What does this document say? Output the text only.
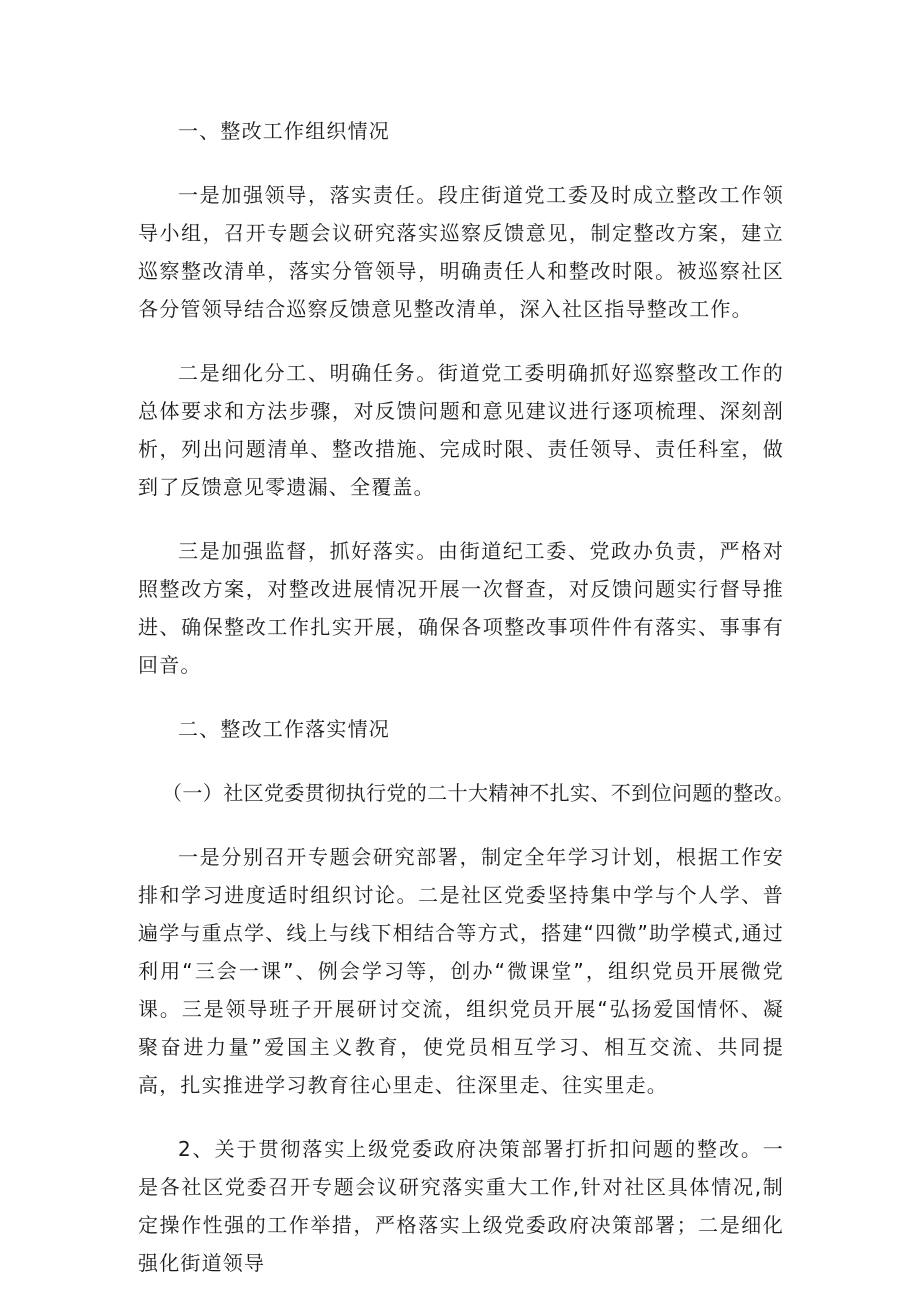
一、整改工作组织情况

一是加强领导，落实责任。段庄街道党工委及时成立整改工作领导小组，召开专题会议研究落实巡察反馈意见，制定整改方案，建立巡察整改清单，落实分管领导，明确责任人和整改时限。被巡察社区各分管领导结合巡察反馈意见整改清单，深入社区指导整改工作。

二是细化分工、明确任务。街道党工委明确抓好巡察整改工作的总体要求和方法步骤，对反馈问题和意见建议进行逐项梳理、深刻剖析，列出问题清单、整改措施、完成时限、责任领导、责任科室，做到了反馈意见零遗漏、全覆盖。

三是加强监督，抓好落实。由街道纪工委、党政办负责，严格对照整改方案，对整改进展情况开展一次督查，对反馈问题实行督导推进、确保整改工作扎实开展，确保各项整改事项件件有落实、事事有回音。

二、整改工作落实情况

（一）社区党委贯彻执行党的二十大精神不扎实、不到位问题的整改。

一是分别召开专题会研究部署，制定全年学习计划，根据工作安排和学习进度适时组织讨论。二是社区党委坚持集中学与个人学、普遍学与重点学、线上与线下相结合等方式，搭建“四微”助学模式,通过利用“三会一课”、例会学习等，创办“微课堂”，组织党员开展微党课。三是领导班子开展研讨交流，组织党员开展“弘扬爱国情怀、凝聚奋进力量”爱国主义教育，使党员相互学习、相互交流、共同提高，扎实推进学习教育往心里走、往深里走、往实里走。

2、关于贯彻落实上级党委政府决策部署打折扣问题的整改。一是各社区党委召开专题会议研究落实重大工作,针对社区具体情况,制定操作性强的工作举措，严格落实上级党委政府决策部署；二是细化强化街道领导
